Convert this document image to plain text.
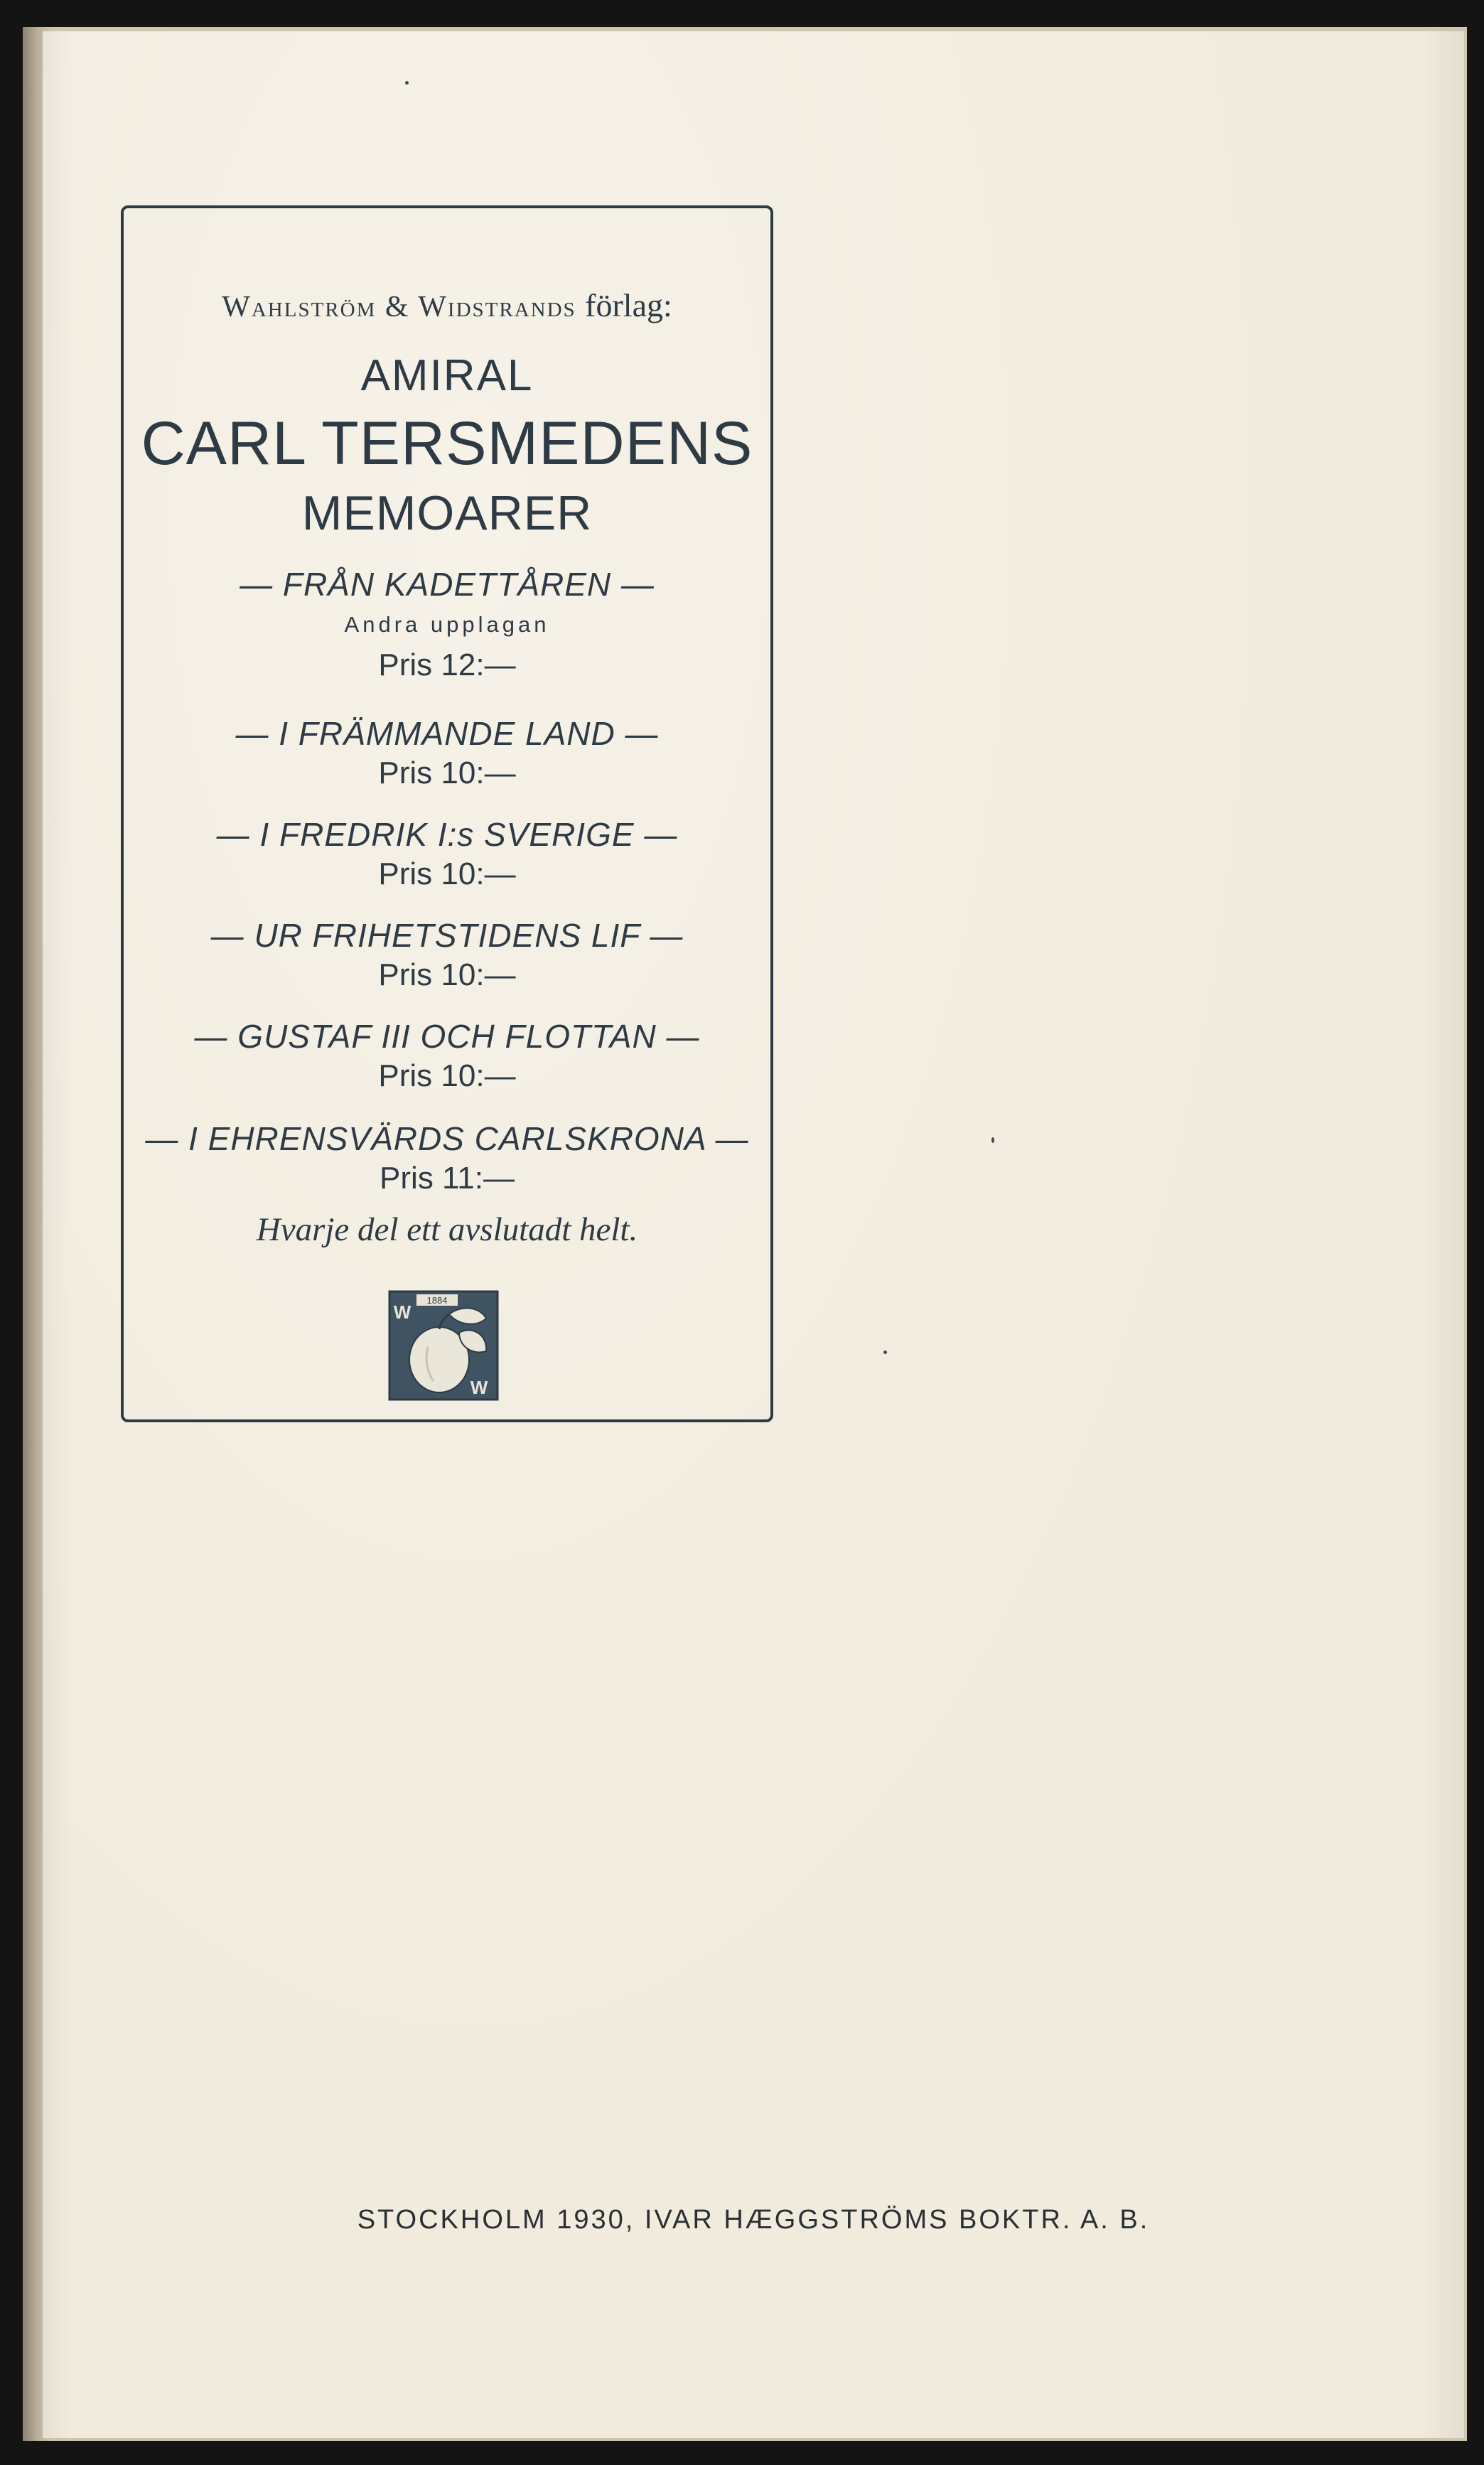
Wahlström & Widstrands förlag:
AMIRAL
CARL TERSMEDENS
MEMOARER
— FRÅN KADETTÅREN —
Andra upplagan
Pris 12:—
— I FRÄMMANDE LAND —
Pris 10:—
— I FREDRIK I:s SVERIGE —
Pris 10:—
— UR FRIHETSTIDENS LIF —
Pris 10:—
— GUSTAF III OCH FLOTTAN —
Pris 10:—
— I EHRENSVÄRDS CARLSKRONA —
Pris 11:—
Hvarje del ett avslutadt helt.
1884
W
W
STOCKHOLM 1930, IVAR HÆGGSTRÖMS BOKTR. A. B.
